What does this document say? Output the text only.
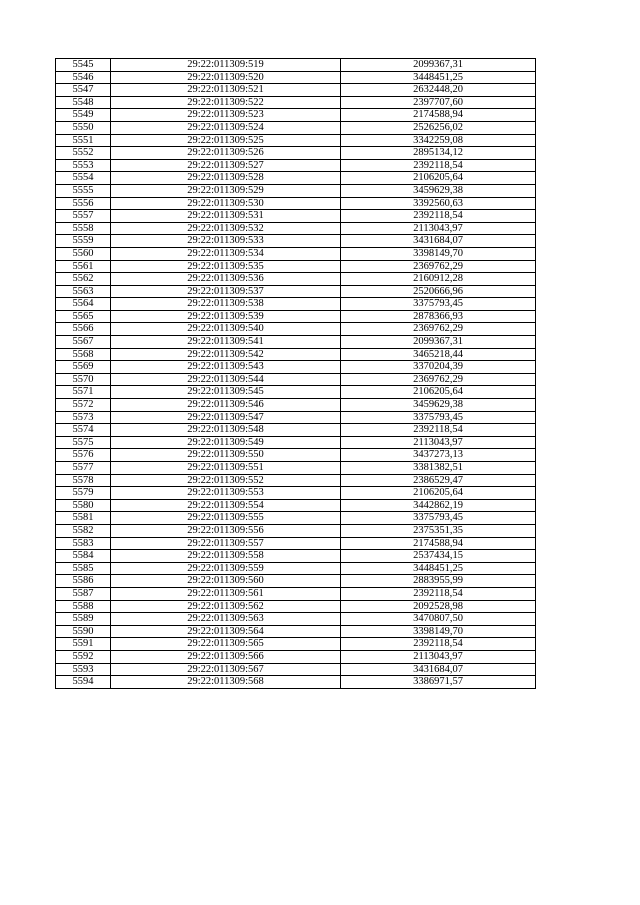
5545	29:22:011309:519	2099367,31
5546	29:22:011309:520	3448451,25
5547	29:22:011309:521	2632448,20
5548	29:22:011309:522	2397707,60
5549	29:22:011309:523	2174588,94
5550	29:22:011309:524	2526256,02
5551	29:22:011309:525	3342259,08
5552	29:22:011309:526	2895134,12
5553	29:22:011309:527	2392118,54
5554	29:22:011309:528	2106205,64
5555	29:22:011309:529	3459629,38
5556	29:22:011309:530	3392560,63
5557	29:22:011309:531	2392118,54
5558	29:22:011309:532	2113043,97
5559	29:22:011309:533	3431684,07
5560	29:22:011309:534	3398149,70
5561	29:22:011309:535	2369762,29
5562	29:22:011309:536	2160912,28
5563	29:22:011309:537	2520666,96
5564	29:22:011309:538	3375793,45
5565	29:22:011309:539	2878366,93
5566	29:22:011309:540	2369762,29
5567	29:22:011309:541	2099367,31
5568	29:22:011309:542	3465218,44
5569	29:22:011309:543	3370204,39
5570	29:22:011309:544	2369762,29
5571	29:22:011309:545	2106205,64
5572	29:22:011309:546	3459629,38
5573	29:22:011309:547	3375793,45
5574	29:22:011309:548	2392118,54
5575	29:22:011309:549	2113043,97
5576	29:22:011309:550	3437273,13
5577	29:22:011309:551	3381382,51
5578	29:22:011309:552	2386529,47
5579	29:22:011309:553	2106205,64
5580	29:22:011309:554	3442862,19
5581	29:22:011309:555	3375793,45
5582	29:22:011309:556	2375351,35
5583	29:22:011309:557	2174588,94
5584	29:22:011309:558	2537434,15
5585	29:22:011309:559	3448451,25
5586	29:22:011309:560	2883955,99
5587	29:22:011309:561	2392118,54
5588	29:22:011309:562	2092528,98
5589	29:22:011309:563	3470807,50
5590	29:22:011309:564	3398149,70
5591	29:22:011309:565	2392118,54
5592	29:22:011309:566	2113043,97
5593	29:22:011309:567	3431684,07
5594	29:22:011309:568	3386971,57
